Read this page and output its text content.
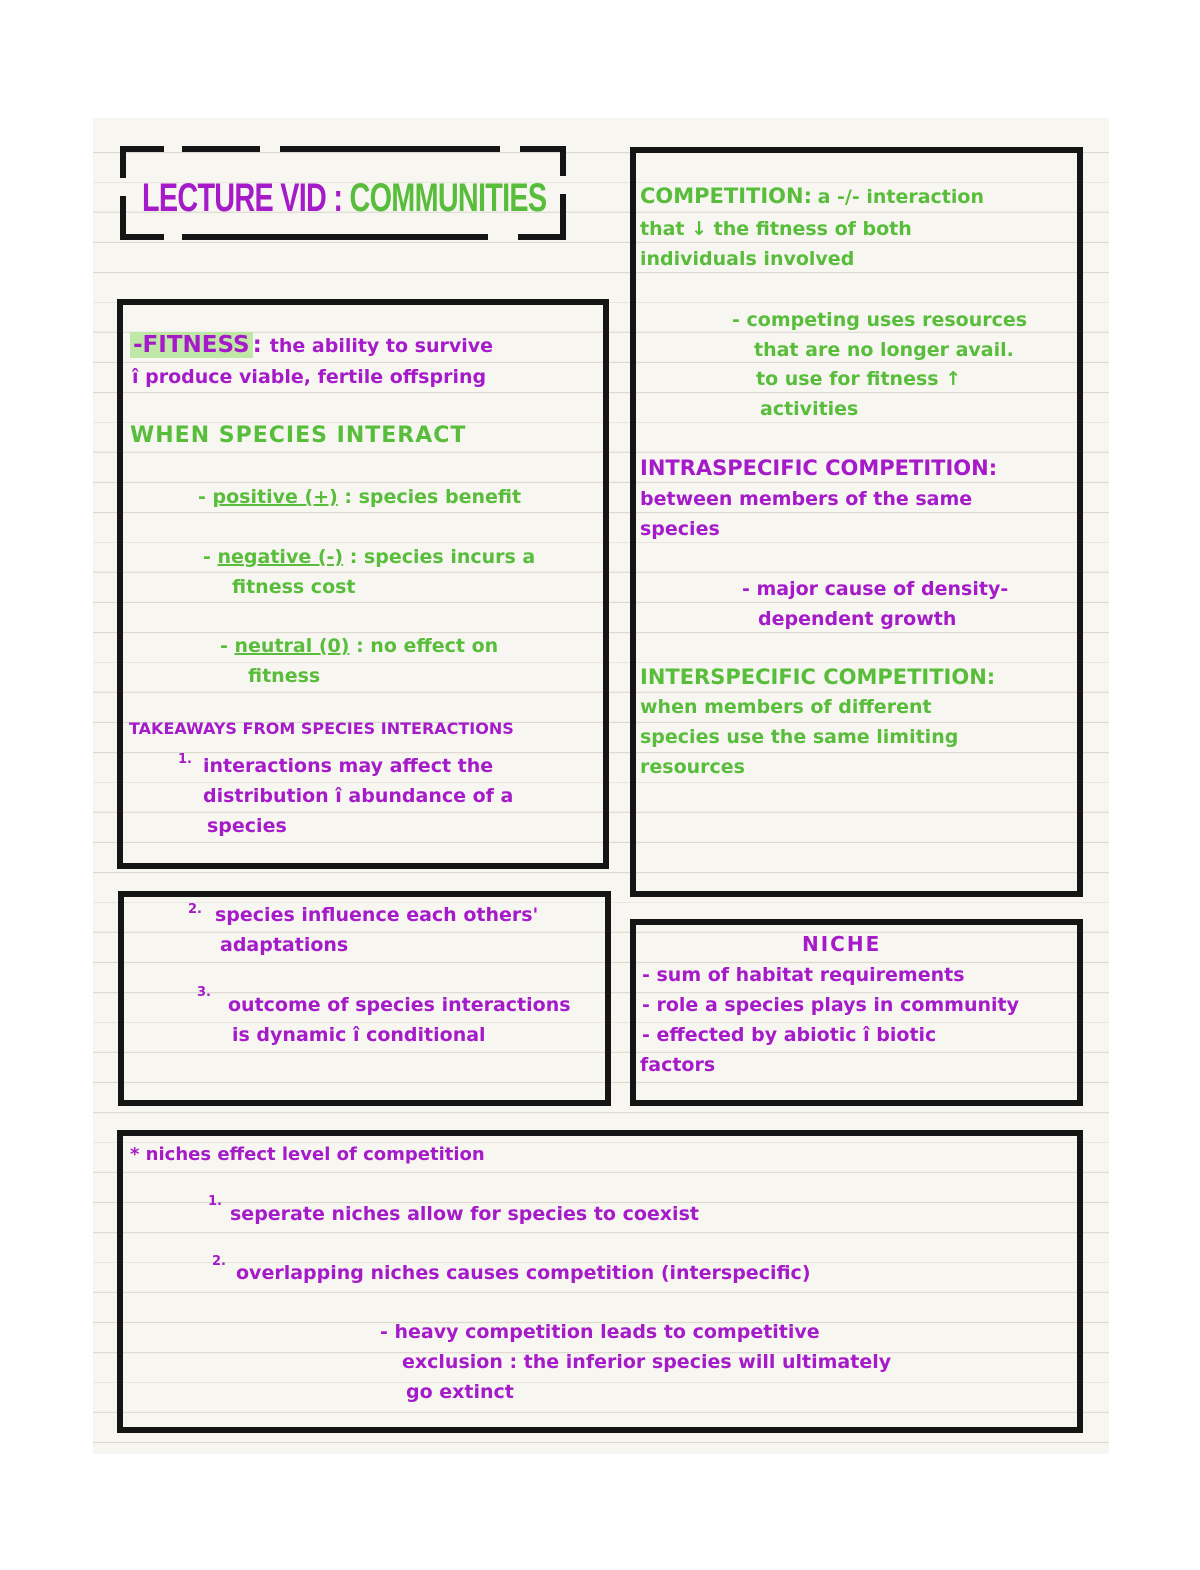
LECTURE VID : COMMUNITIES
-FITNESS : the ability to survive
î produce viable, fertile offspring
WHEN SPECIES INTERACT
- positive (+) : species benefit
- negative (-) : species incurs a
fitness cost
- neutral (0) : no effect on
fitness
TAKEAWAYS FROM SPECIES INTERACTIONS
1. interactions may affect the
distribution î abundance of a
species
2. species influence each others'
adaptations
3.
outcome of species interactions
is dynamic î conditional
COMPETITION: a -/- interaction
that ↓ the fitness of both
individuals involved
- competing uses resources
that are no longer avail.
to use for fitness ↑
activities
INTRASPECIFIC COMPETITION:
between members of the same
species
- major cause of density-
dependent growth
INTERSPECIFIC COMPETITION:
when members of different
species use the same limiting
resources
NICHE
- sum of habitat requirements
- role a species plays in community
- effected by abiotic î biotic
factors
* niches effect level of competition
1.
seperate niches allow for species to coexist
2.
overlapping niches causes competition (interspecific)
- heavy competition leads to competitive
exclusion : the inferior species will ultimately
go extinct
